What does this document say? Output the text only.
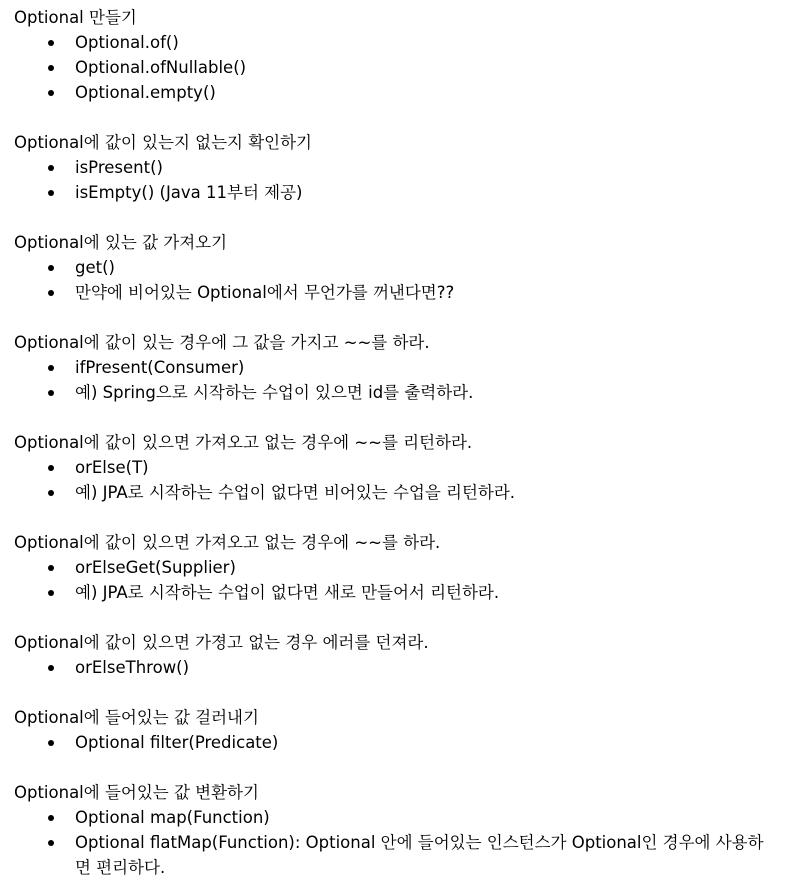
Optional 만들기
Optional.of()
Optional.ofNullable()
Optional.empty()
Optional에 값이 있는지 없는지 확인하기
isPresent()
isEmpty() (Java 11부터 제공)
Optional에 있는 값 가져오기
get()
만약에 비어있는 Optional에서 무언가를 꺼낸다면??
Optional에 값이 있는 경우에 그 값을 가지고 ~~를 하라.
ifPresent(Consumer)
예) Spring으로 시작하는 수업이 있으면 id를 출력하라.
Optional에 값이 있으면 가져오고 없는 경우에 ~~를 리턴하라.
orElse(T)
예) JPA로 시작하는 수업이 없다면 비어있는 수업을 리턴하라.
Optional에 값이 있으면 가져오고 없는 경우에 ~~를 하라.
orElseGet(Supplier)
예) JPA로 시작하는 수업이 없다면 새로 만들어서 리턴하라.
Optional에 값이 있으면 가졍고 없는 경우 에러를 던져라.
orElseThrow()
Optional에 들어있는 값 걸러내기
Optional filter(Predicate)
Optional에 들어있는 값 변환하기
Optional map(Function)
Optional flatMap(Function): Optional 안에 들어있는 인스턴스가 Optional인 경우에 사용하면 편리하다.
